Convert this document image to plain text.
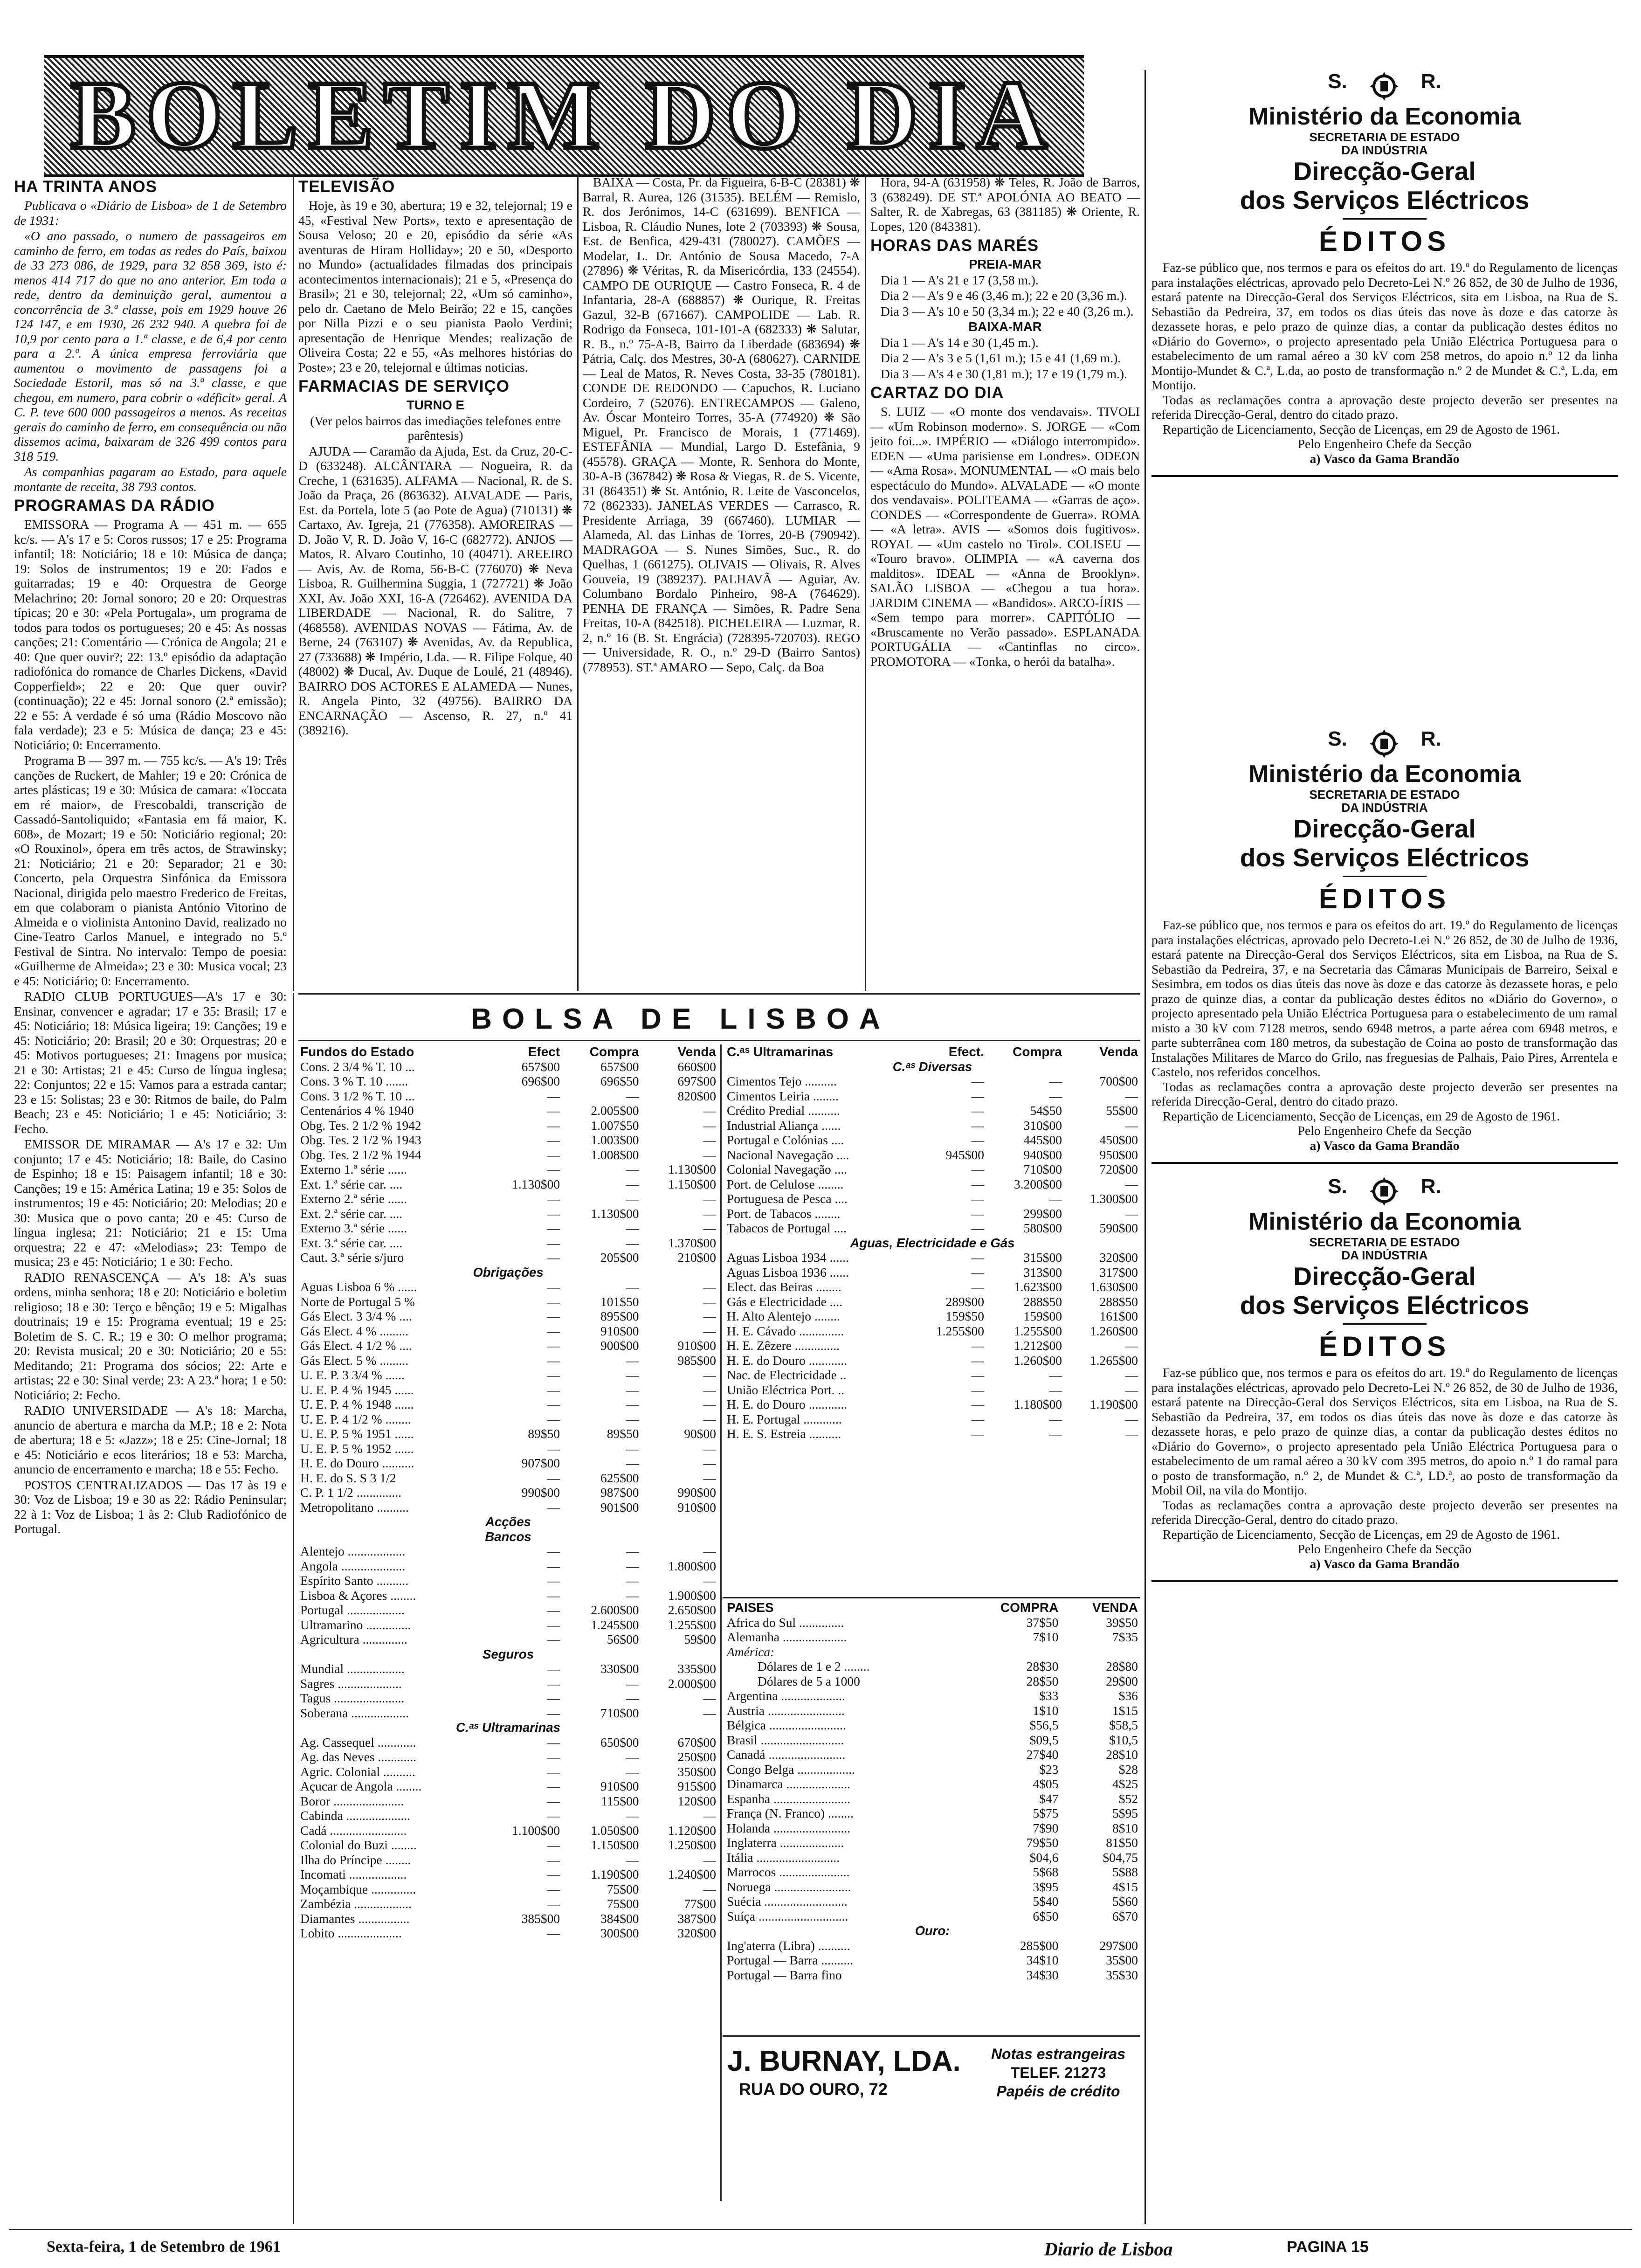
BOLETIM DO DIA

HA TRINTA ANOS

Publicava o «Diário de Lisboa» de 1 de Setembro de 1931:

«O ano passado, o numero de passageiros em caminho de ferro, em todas as redes do País, baixou de 33 273 086, de 1929, para 32 858 369, isto é: menos 414 717 do que no ano anterior. Em toda a rede, dentro da deminuição geral, aumentou a concorrência de 3.ª classe, pois em 1929 houve 26 124 147, e em 1930, 26 232 940. A quebra foi de 10,9 por cento para a 1.ª classe, e de 6,4 por cento para a 2.ª. A única empresa ferroviária que aumentou o movimento de passagens foi a Sociedade Estoril, mas só na 3.ª classe, e que chegou, em numero, para cobrir o «déficit» geral. A C. P. teve 600 000 passageiros a menos. As receitas gerais do caminho de ferro, em consequência ou não dissemos acima, baixaram de 326 499 contos para 318 519.

As companhias pagaram ao Estado, para aquele montante de receita, 38 793 contos.

PROGRAMAS DA RÁDIO

EMISSORA — Programa A — 451 m. — 655 kc/s. — A's 17 e 5: Coros russos; 17 e 25: Programa infantil; 18: Noticiário; 18 e 10: Música de dança; 19: Solos de instrumentos; 19 e 20: Fados e guitarradas; 19 e 40: Orquestra de George Melachrino; 20: Jornal sonoro; 20 e 20: Orquestras típicas; 20 e 30: «Pela Portugala», um programa de todos para todos os portugueses; 20 e 45: As nossas canções; 21: Comentário — Crónica de Angola; 21 e 40: Que quer ouvir?; 22: 13.º episódio da adaptação radiofónica do romance de Charles Dickens, «David Copperfield»; 22 e 20: Que quer ouvir? (continuação); 22 e 45: Jornal sonoro (2.ª emissão); 22 e 55: A verdade é só uma (Rádio Moscovo não fala verdade); 23 e 5: Música de dança; 23 e 45: Noticiário; 0: Encerramento.

Programa B — 397 m. — 755 kc/s. — A's 19: Três canções de Ruckert, de Mahler; 19 e 20: Crónica de artes plásticas; 19 e 30: Música de camara: «Toccata em ré maior», de Frescobaldi, transcrição de Cassadó-Santoliquido; «Fantasia em fá maior, K. 608», de Mozart; 19 e 50: Noticiário regional; 20: «O Rouxinol», ópera em três actos, de Strawinsky; 21: Noticiário; 21 e 20: Separador; 21 e 30: Concerto, pela Orquestra Sinfónica da Emissora Nacional, dirigida pelo maestro Frederico de Freitas, em que colaboram o pianista António Vitorino de Almeida e o violinista Antonino David, realizado no Cine-Teatro Carlos Manuel, e integrado no 5.º Festival de Sintra. No intervalo: Tempo de poesia: «Guilherme de Almeida»; 23 e 30: Musica vocal; 23 e 45: Noticiário; 0: Encerramento.

RADIO CLUB PORTUGUES—A's 17 e 30: Ensinar, convencer e agradar; 17 e 35: Brasil; 17 e 45: Noticiário; 18: Música ligeira; 19: Canções; 19 e 45: Noticiário; 20: Brasil; 20 e 30: Orquestras; 20 e 45: Motivos portugueses; 21: Imagens por musica; 21 e 30: Artistas; 21 e 45: Curso de língua inglesa; 22: Conjuntos; 22 e 15: Vamos para a estrada cantar; 23 e 15: Solistas; 23 e 30: Ritmos de baile, do Palm Beach; 23 e 45: Noticiário; 1 e 45: Noticiário; 3: Fecho.

EMISSOR DE MIRAMAR — A's 17 e 32: Um conjunto; 17 e 45: Noticiário; 18: Baile, do Casino de Espinho; 18 e 15: Paisagem infantil; 18 e 30: Canções; 19 e 15: América Latina; 19 e 35: Solos de instrumentos; 19 e 45: Noticiário; 20: Melodias; 20 e 30: Musica que o povo canta; 20 e 45: Curso de língua inglesa; 21: Noticiário; 21 e 15: Uma orquestra; 22 e 47: «Melodias»; 23: Tempo de musica; 23 e 45: Noticiário; 1 e 30: Fecho.

RADIO RENASCENÇA — A's 18: A's suas ordens, minha senhora; 18 e 20: Noticiário e boletim religioso; 18 e 30: Terço e bênção; 19 e 5: Migalhas doutrinais; 19 e 15: Programa eventual; 19 e 25: Boletim de S. C. R.; 19 e 30: O melhor programa; 20: Revista musical; 20 e 30: Noticiário; 20 e 55: Meditando; 21: Programa dos sócios; 22: Arte e artistas; 22 e 30: Sinal verde; 23: A 23.ª hora; 1 e 50: Noticiário; 2: Fecho.

RADIO UNIVERSIDADE — A's 18: Marcha, anuncio de abertura e marcha da M.P.; 18 e 2: Nota de abertura; 18 e 5: «Jazz»; 18 e 25: Cine-Jornal; 18 e 45: Noticiário e ecos literários; 18 e 53: Marcha, anuncio de encerramento e marcha; 18 e 55: Fecho.

POSTOS CENTRALIZADOS — Das 17 às 19 e 30: Voz de Lisboa; 19 e 30 as 22: Rádio Peninsular; 22 à 1: Voz de Lisboa; 1 às 2: Club Radiofónico de Portugal.

TELEVISÃO

Hoje, às 19 e 30, abertura; 19 e 32, telejornal; 19 e 45, «Festival New Ports», texto e apresentação de Sousa Veloso; 20 e 20, episódio da série «As aventuras de Hiram Holliday»; 20 e 50, «Desporto no Mundo» (actualidades filmadas dos principais acontecimentos internacionais); 21 e 5, «Presença do Brasil»; 21 e 30, telejornal; 22, «Um só caminho», pelo dr. Caetano de Melo Beirão; 22 e 15, canções por Nilla Pizzi e o seu pianista Paolo Verdini; apresentação de Henrique Mendes; realização de Oliveira Costa; 22 e 55, «As melhores histórias do Poste»; 23 e 20, telejornal e últimas noticias.

FARMACIAS DE SERVIÇO

TURNO E

(Ver pelos bairros das imediações telefones entre parêntesis)

AJUDA — Caramão da Ajuda, Est. da Cruz, 20-C-D (633248). ALCÂNTARA — Nogueira, R. da Creche, 1 (631635). ALFAMA — Nacional, R. de S. João da Praça, 26 (863632). ALVALADE — Paris, Est. da Portela, lote 5 (ao Pote de Agua) (710131) ❋ Cartaxo, Av. Igreja, 21 (776358). AMOREIRAS — D. João V, R. D. João V, 16-C (682772). ANJOS — Matos, R. Alvaro Coutinho, 10 (40471). AREEIRO — Avis, Av. de Roma, 56-B-C (776070) ❋ Neva Lisboa, R. Guilhermina Suggia, 1 (727721) ❋ João XXI, Av. João XXI, 16-A (726462). AVENIDA DA LIBERDADE — Nacional, R. do Salitre, 7 (468558). AVENIDAS NOVAS — Fátima, Av. de Berne, 24 (763107) ❋ Avenidas, Av. da Republica, 27 (733688) ❋ Império, Lda. — R. Filipe Folque, 40 (48002) ❋ Ducal, Av. Duque de Loulé, 21 (48946). BAIRRO DOS ACTORES E ALAMEDA — Nunes, R. Angela Pinto, 32 (49756). BAIRRO DA ENCARNAÇÃO — Ascenso, R. 27, n.º 41 (389216).

BAIXA — Costa, Pr. da Figueira, 6-B-C (28381) ❋ Barral, R. Aurea, 126 (31535). BELÉM — Remislo, R. dos Jerónimos, 14-C (631699). BENFICA — Lisboa, R. Cláudio Nunes, lote 2 (703393) ❋ Sousa, Est. de Benfica, 429-431 (780027). CAMÕES — Modelar, L. Dr. António de Sousa Macedo, 7-A (27896) ❋ Véritas, R. da Misericórdia, 133 (24554). CAMPO DE OURIQUE — Castro Fonseca, R. 4 de Infantaria, 28-A (688857) ❋ Ourique, R. Freitas Gazul, 32-B (671667). CAMPOLIDE — Lab. R. Rodrigo da Fonseca, 101-101-A (682333) ❋ Salutar, R. B., n.º 75-A-B, Bairro da Liberdade (683694) ❋ Pátria, Calç. dos Mestres, 30-A (680627). CARNIDE — Leal de Matos, R. Neves Costa, 33-35 (780181). CONDE DE REDONDO — Capuchos, R. Luciano Cordeiro, 7 (52076). ENTRECAMPOS — Galeno, Av. Óscar Monteiro Torres, 35-A (774920) ❋ São Miguel, Pr. Francisco de Morais, 1 (771469). ESTEFÂNIA — Mundial, Largo D. Estefânia, 9 (45578). GRAÇA — Monte, R. Senhora do Monte, 30-A-B (367842) ❋ Rosa & Viegas, R. de S. Vicente, 31 (864351) ❋ St. António, R. Leite de Vasconcelos, 72 (862333). JANELAS VERDES — Carrasco, R. Presidente Arriaga, 39 (667460). LUMIAR — Alameda, Al. das Linhas de Torres, 20-B (790942). MADRAGOA — S. Nunes Simões, Suc., R. do Quelhas, 1 (661275). OLIVAIS — Olivais, R. Alves Gouveia, 19 (389237). PALHAVÃ — Aguiar, Av. Columbano Bordalo Pinheiro, 98-A (764629). PENHA DE FRANÇA — Simões, R. Padre Sena Freitas, 10-A (842518). PICHELEIRA — Luzmar, R. 2, n.º 16 (B. St. Engrácia) (728395-720703). REGO — Universidade, R. O., n.º 29-D (Bairro Santos) (778953). ST.ª AMARO — Sepo, Calç. da Boa

Hora, 94-A (631958) ❋ Teles, R. João de Barros, 3 (638249). DE ST.ª APOLÓNIA AO BEATO — Salter, R. de Xabregas, 63 (381185) ❋ Oriente, R. Lopes, 120 (843381).

HORAS DAS MARÉS

PREIA-MAR

Dia 1 — A's 21 e 17 (3,58 m.).

Dia 2 — A's 9 e 46 (3,46 m.); 22 e 20 (3,36 m.).

Dia 3 — A's 10 e 50 (3,34 m.); 22 e 40 (3,26 m.).

BAIXA-MAR

Dia 1 — A's 14 e 30 (1,45 m.).

Dia 2 — A's 3 e 5 (1,61 m.); 15 e 41 (1,69 m.).

Dia 3 — A's 4 e 30 (1,81 m.); 17 e 19 (1,79 m.).

CARTAZ DO DIA

S. LUIZ — «O monte dos vendavais». TIVOLI — «Um Robinson moderno». S. JORGE — «Com jeito foi...». IMPÉRIO — «Diálogo interrompido». EDEN — «Uma parisiense em Londres». ODEON — «Ama Rosa». MONUMENTAL — «O mais belo espectáculo do Mundo». ALVALADE — «O monte dos vendavais». POLITEAMA — «Garras de aço». CONDES — «Correspondente de Guerra». ROMA — «A letra». AVIS — «Somos dois fugitivos». ROYAL — «Um castelo no Tirol». COLISEU — «Touro bravo». OLIMPIA — «A caverna dos malditos». IDEAL — «Anna de Brooklyn». SALÃO LISBOA — «Chegou a tua hora». JARDIM CINEMA — «Bandidos». ARCO-ÍRIS — «Sem tempo para morrer». CAPITÓLIO — «Bruscamente no Verão passado». ESPLANADA PORTUGÁLIA — «Cantinflas no circo». PROMOTORA — «Tonka, o herói da batalha».

S.	R.
Ministério da Economia
SECRETARIA DE ESTADO
DA INDÚSTRIA
Direcção-Geral
dos Serviços Eléctricos
ÉDITOS
Faz-se público que, nos termos e para os efeitos do art. 19.º do Regulamento de licenças para instalações eléctricas, aprovado pelo Decreto-Lei N.º 26 852, de 30 de Julho de 1936, estará patente na Direcção-Geral dos Serviços Eléctricos, sita em Lisboa, na Rua de S. Sebastião da Pedreira, 37, em todos os dias úteis das nove às doze e das catorze às dezassete horas, e pelo prazo de quinze dias, a contar da publicação destes éditos no «Diário do Governo», o projecto apresentado pela União Eléctrica Portuguesa para o estabelecimento de um ramal aéreo a 30 kV com 258 metros, do apoio n.º 12 da linha Montijo-Mundet & C.ª, L.da, ao posto de transformação n.º 2 de Mundet & C.ª, L.da, em Montijo.
Todas as reclamações contra a aprovação deste projecto deverão ser presentes na referida Direcção-Geral, dentro do citado prazo.
Repartição de Licenciamento, Secção de Licenças, em 29 de Agosto de 1961.
Pelo Engenheiro Chefe da Secção
a) Vasco da Gama Brandão
S.	R.
Ministério da Economia
SECRETARIA DE ESTADO
DA INDÚSTRIA
Direcção-Geral
dos Serviços Eléctricos
ÉDITOS
Faz-se público que, nos termos e para os efeitos do art. 19.º do Regulamento de licenças para instalações eléctricas, aprovado pelo Decreto-Lei N.º 26 852, de 30 de Julho de 1936, estará patente na Direcção-Geral dos Serviços Eléctricos, sita em Lisboa, na Rua de S. Sebastião da Pedreira, 37, e na Secretaria das Câmaras Municipais de Barreiro, Seixal e Sesimbra, em todos os dias úteis das nove às doze e das catorze às dezassete horas, e pelo prazo de quinze dias, a contar da publicação destes éditos no «Diário do Governo», o projecto apresentado pela União Eléctrica Portuguesa para o estabelecimento de um ramal misto a 30 kV com 7128 metros, sendo 6948 metros, a parte aérea com 6948 metros, e parte subterrânea com 180 metros, da subestação de Coina ao posto de transformação das Instalações Militares de Marco do Grilo, nas freguesias de Palhais, Paio Pires, Arrentela e Castelo, nos referidos concelhos.
Todas as reclamações contra a aprovação deste projecto deverão ser presentes na referida Direcção-Geral, dentro do citado prazo.
Repartição de Licenciamento, Secção de Licenças, em 29 de Agosto de 1961.
Pelo Engenheiro Chefe da Secção
a) Vasco da Gama Brandão
S.	R.
Ministério da Economia
SECRETARIA DE ESTADO
DA INDÚSTRIA
Direcção-Geral
dos Serviços Eléctricos
ÉDITOS
Faz-se público que, nos termos e para os efeitos do art. 19.º do Regulamento de licenças para instalações eléctricas, aprovado pelo Decreto-Lei N.º 26 852, de 30 de Julho de 1936, estará patente na Direcção-Geral dos Serviços Eléctricos, sita em Lisboa, na Rua de S. Sebastião da Pedreira, 37, em todos os dias úteis das nove às doze e das catorze às dezassete horas, e pelo prazo de quinze dias, a contar da publicação destes éditos no «Diário do Governo», o projecto apresentado pela União Eléctrica Portuguesa para o estabelecimento de um ramal aéreo a 30 kV com 395 metros, do apoio n.º 1 do ramal para o posto de transformação, n.º 2, de Mundet & C.ª, LD.ª, ao posto de transformação da Mobil Oil, na vila do Montijo.
Todas as reclamações contra a aprovação deste projecto deverão ser presentes na referida Direcção-Geral, dentro do citado prazo.
Repartição de Licenciamento, Secção de Licenças, em 29 de Agosto de 1961.
Pelo Engenheiro Chefe da Secção
a) Vasco da Gama Brandão
BOLSA DE LISBOA
Fundos do Estado	Efect	Compra	Venda
Cons. 2 3/4 % T. 10 ...	657$00	657$00	660$00
Cons. 3 % T. 10 .......	696$00	696$50	697$00
Cons. 3 1/2 % T. 10 ...	—	—	820$00
Centenários 4 % 1940	—	2.005$00	—
Obg. Tes. 2 1/2 % 1942	—	1.007$50	—
Obg. Tes. 2 1/2 % 1943	—	1.003$00	—
Obg. Tes. 2 1/2 % 1944	—	1.008$00	—
Externo 1.ª série ......	—	—	1.130$00
Ext. 1.ª série car. ....	1.130$00	—	1.150$00
Externo 2.ª série ......	—	—	—
Ext. 2.ª série car. ....	—	1.130$00	—
Externo 3.ª série ......	—	—	—
Ext. 3.ª série car. ....	—	—	1.370$00
Caut. 3.ª série s/juro	—	205$00	210$00
Obrigações			
Aguas Lisboa 6 % ......	—	—	—
Norte de Portugal 5 %	—	101$50	—
Gás Elect. 3 3/4 % ....	—	895$00	—
Gás Elect. 4 % .........	—	910$00	—
Gás Elect. 4 1/2 % ....	—	900$00	910$00
Gás Elect. 5 % .........	—	—	985$00
U. E. P. 3 3/4 % ......	—	—	—
U. E. P. 4 % 1945 ......	—	—	—
U. E. P. 4 % 1948 ......	—	—	—
U. E. P. 4 1/2 % ........	—	—	—
U. E. P. 5 % 1951 ......	89$50	89$50	90$00
U. E. P. 5 % 1952 ......	—	—	—
H. E. do Douro ..........	907$00	—	—
H. E. do S. S 3 1/2	—	625$00	—
C. P. 1 1/2 ..............	990$00	987$00	990$00
Metropolitano ..........	—	901$00	910$00
Acções			
Bancos			
Alentejo ..................	—	—	—
Angola ....................	—	—	1.800$00
Espírito Santo ..........	—	—	—
Lisboa & Açores ........	—	—	1.900$00
Portugal ..................	—	2.600$00	2.650$00
Ultramarino ..............	—	1.245$00	1.255$00
Agricultura ..............	—	56$00	59$00
Seguros			
Mundial ..................	—	330$00	335$00
Sagres ....................	—	—	2.000$00
Tagus ......................	—	—	—
Soberana ..................	—	710$00	—
C.ᵃˢ Ultramarinas			
Ag. Cassequel ............	—	650$00	670$00
Ag. das Neves ............	—	—	250$00
Agric. Colonial ..........	—	—	350$00
Açucar de Angola ........	—	910$00	915$00
Boror ......................	—	115$00	120$00
Cabinda ....................	—	—	—
Cadá ........................	1.100$00	1.050$00	1.120$00
Colonial do Buzi ........	—	1.150$00	1.250$00
Ilha do Príncipe ........	—	—	—
Incomati ..................	—	1.190$00	1.240$00
Moçambique ..............	—	75$00	—
Zambézia ..................	—	75$00	77$00
Diamantes ................	385$00	384$00	387$00
Lobito ....................	—	300$00	320$00
C.ᵃˢ Ultramarinas	Efect.	Compra	Venda
C.ᵃˢ Diversas			
Cimentos Tejo ..........	—	—	700$00
Cimentos Leiria ........	—	—	—
Crédito Predial ..........	—	54$50	55$00
Industrial Aliança ......	—	310$00	—
Portugal e Colónias ....	—	445$00	450$00
Nacional Navegação ....	945$00	940$00	950$00
Colonial Navegação ....	—	710$00	720$00
Port. de Celulose ........	—	3.200$00	—
Portuguesa de Pesca ....	—	—	1.300$00
Port. de Tabacos ........	—	299$00	—
Tabacos de Portugal ....	—	580$00	590$00
Aguas, Electricidade e Gás			
Aguas Lisboa 1934 ......	—	315$00	320$00
Aguas Lisboa 1936 ......	—	313$00	317$00
Elect. das Beiras ........	—	1.623$00	1.630$00
Gás e Electricidade ....	289$00	288$50	288$50
H. Alto Alentejo ........	159$50	159$00	161$00
H. E. Cávado ..............	1.255$00	1.255$00	1.260$00
H. E. Zêzere ..............	—	1.212$00	—
H. E. do Douro ............	—	1.260$00	1.265$00
Nac. de Electricidade ..	—	—	—
União Eléctrica Port. ..	—	—	—
H. E. do Douro ............	—	1.180$00	1.190$00
H. E. Portugal ............	—	—	—
H. E. S. Estreia ..........	—	—	—
PAISES	COMPRA	VENDA
Africa do Sul ..............	37$50	39$50
Alemanha ....................	7$10	7$35
América:		
Dólares de 1 e 2 ........	28$30	28$80
Dólares de 5 a 1000	28$50	29$00
Argentina ....................	$33	$36
Austria ........................	1$10	1$15
Bélgica ........................	$56,5	$58,5
Brasil ..........................	$09,5	$10,5
Canadá ........................	27$40	28$10
Congo Belga ..................	$23	$28
Dinamarca ....................	4$05	4$25
Espanha ........................	$47	$52
França (N. Franco) ........	5$75	5$95
Holanda ........................	7$90	8$10
Inglaterra ....................	79$50	81$50
Itália ..........................	$04,6	$04,75
Marrocos ......................	5$68	5$88
Noruega ........................	3$95	4$15
Suécia ..........................	5$40	5$60
Suíça ............................	6$50	6$70
Ouro:		
Ing'aterra (Libra) ..........	285$00	297$00
Portugal — Barra ..........	34$10	35$00
Portugal — Barra fino	34$30	35$30
J. BURNAY, LDA.
RUA DO OURO, 72
Notas estrangeiras
TELEF. 21273
Papéis de crédito
Sexta-feira, 1 de Setembro de 1961	Diario de Lisboa	PAGINA 15
